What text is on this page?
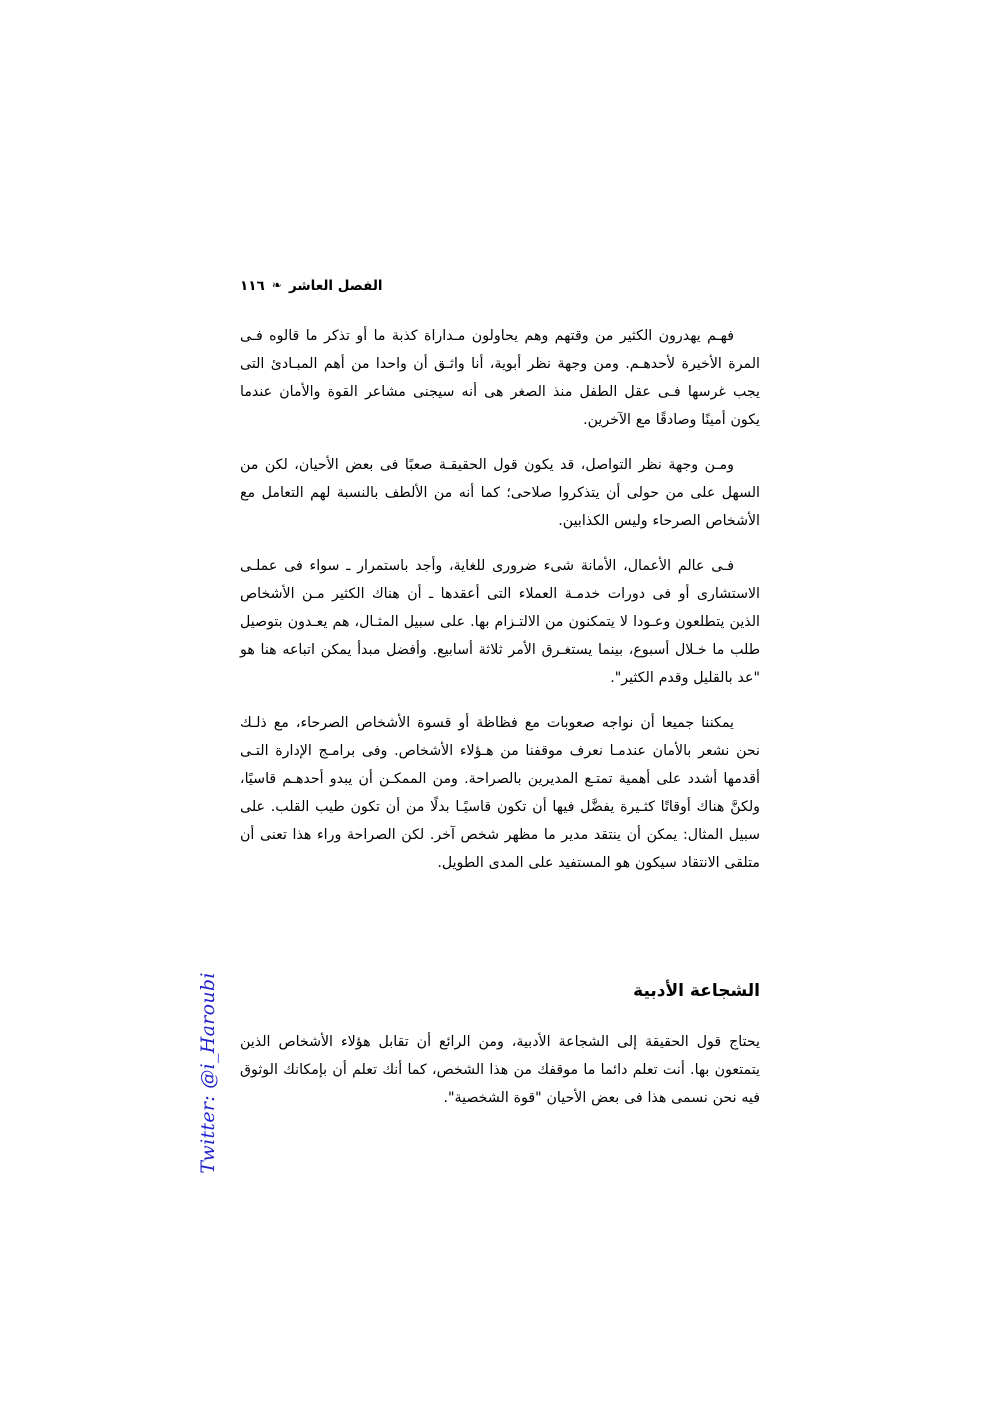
الفصل العاشر❧١١٦

فهـم يهدرون الكثير من وقتهم وهم يحاولون مـداراة كذبة ما أو تذكر ما قالوه فـى المرة الأخيرة لأحدهـم. ومن وجهة نظر أبوية، أنا واثـق أن واحدا من أهم المبـادئ التى يجب غرسها فـى عقل الطفل منذ الصغر هى أنه سيجنى مشاعر القوة والأمان عندما يكون أمينًا وصادقًا مع الآخرين.

ومـن وجهة نظر التواصل، قد يكون قول الحقيقـة صعبًا فى بعض الأحيان، لكن من السهل على من حولى أن يتذكروا صلاحى؛ كما أنه من الألطف بالنسبة لهم التعامل مع الأشخاص الصرحاء وليس الكذابين.

فـى عالم الأعمال، الأمانة شىء ضرورى للغاية، وأجد باستمرار ـ سواء فى عملـى الاستشارى أو فى دورات خدمـة العملاء التى أعقدها ـ أن هناك الكثير مـن الأشخاص الذين يتطلعون وعـودا لا يتمكنون من الالتـزام بها. على سبيل المثـال، هم يعـدون بتوصيل طلب ما خـلال أسبوع، بينما يستغـرق الأمر ثلاثة أسابيع. وأفضل مبدأ يمكن اتباعه هنا هو "عد بالقليل وقدم الكثير".

يمكننا جميعا أن نواجه صعوبات مع فظاظة أو قسوة الأشخاص الصرحاء، مع ذلـك نحن نشعر بالأمان عندمـا نعرف موقفنا من هـؤلاء الأشخاص. وفى برامـج الإدارة التـى أقدمها أشدد على أهمية تمتـع المديرين بالصراحة. ومن الممكـن أن يبدو أحدهـم قاسيًا، ولكنَّ هناك أوقاتًا كثـيرة يفضَّل فيها أن تكون قاسيًـا بدلًا من أن تكون طيب القلب. على سبيل المثال: يمكن أن ينتقد مدير ما مظهر شخص آخر. لكن الصراحة وراء هذا تعنى أن متلقى الانتقاد سيكون هو المستفيد على المدى الطويل.

الشجاعة الأدبية

يحتاج قول الحقيقة إلى الشجاعة الأدبية، ومن الرائع أن تقابل هؤلاء الأشخاص الذين يتمتعون بها. أنت تعلم دائما ما موقفك من هذا الشخص، كما أنك تعلم أن بإمكانك الوثوق فيه نحن نسمى هذا فى بعض الأحيان "قوة الشخصية".

Twitter: @i_Haroubi
